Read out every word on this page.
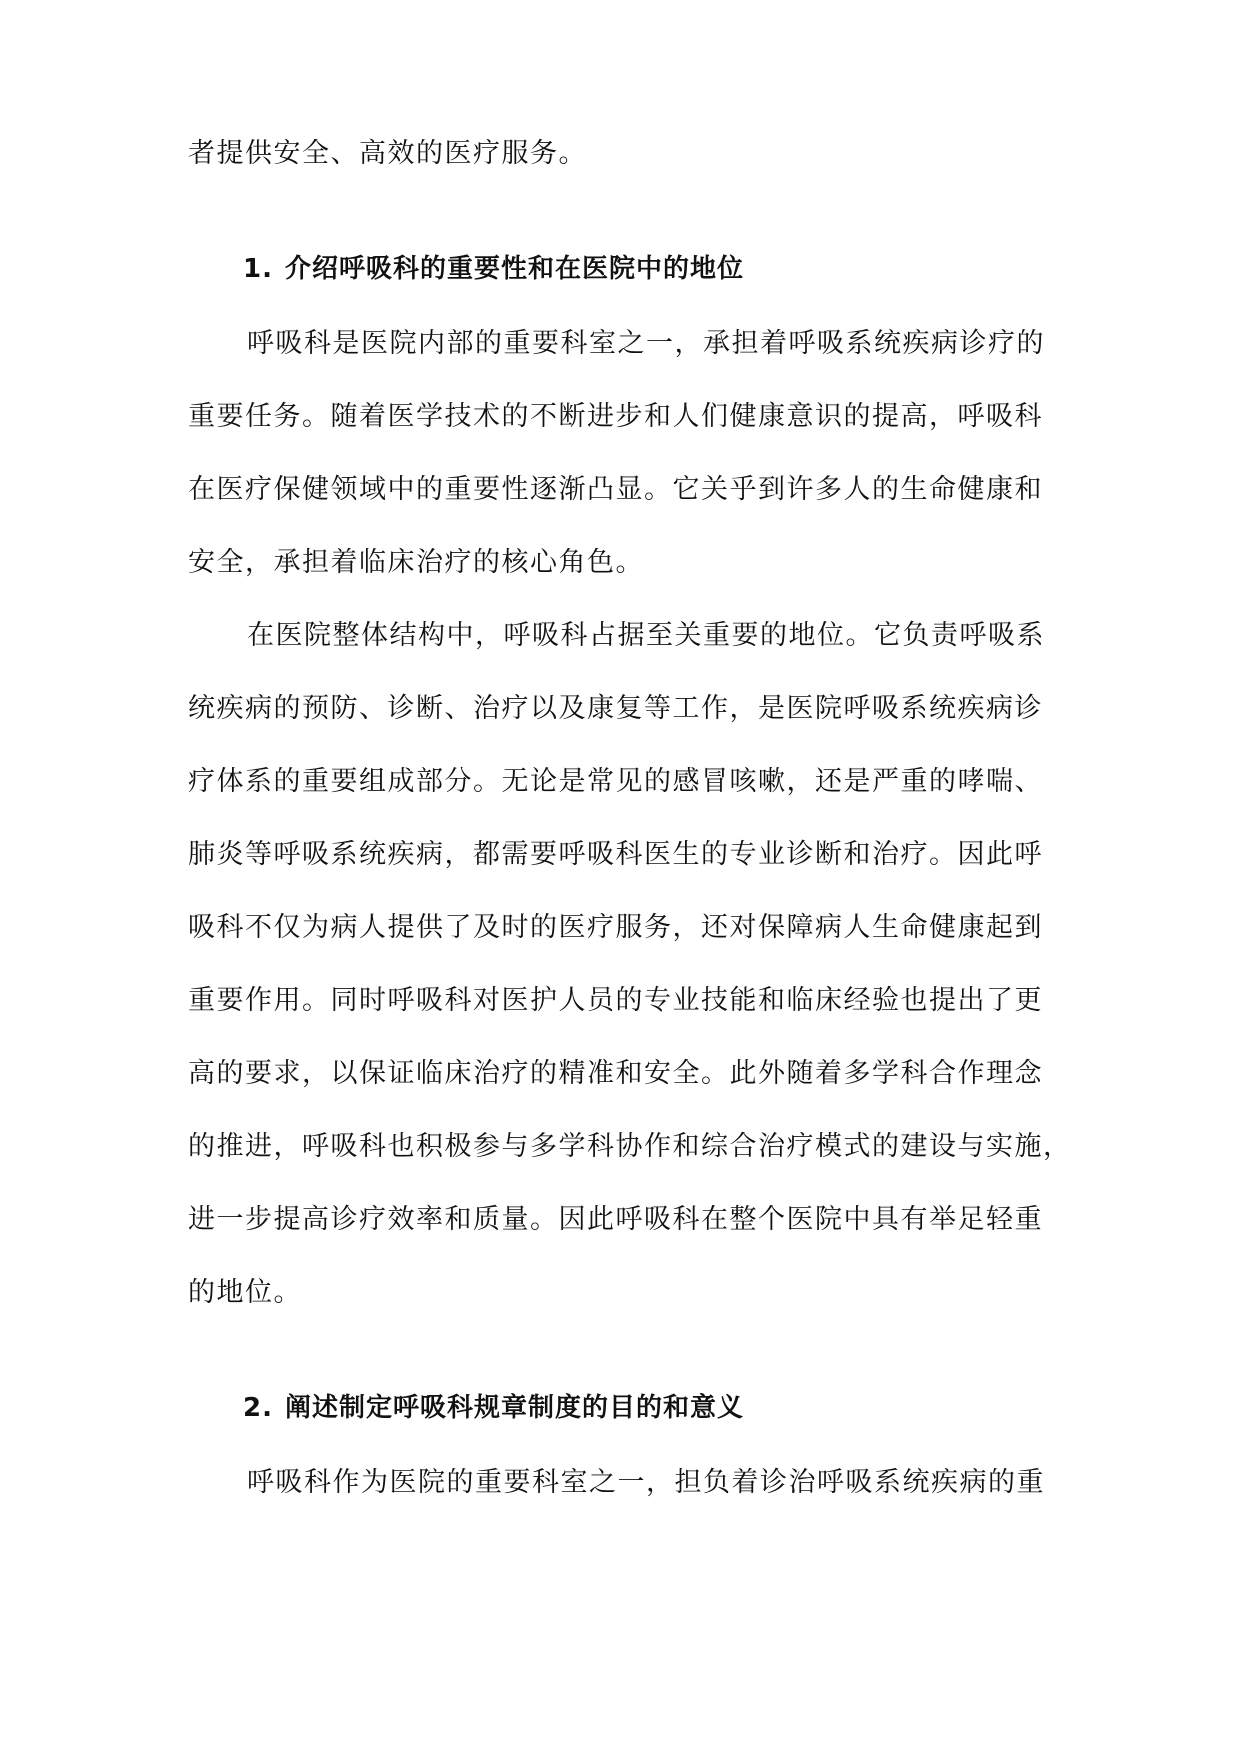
者提供安全、高效的医疗服务。
1. 介绍呼吸科的重要性和在医院中的地位
呼吸科是医院内部的重要科室之一，承担着呼吸系统疾病诊疗的
重要任务。随着医学技术的不断进步和人们健康意识的提高，呼吸科
在医疗保健领域中的重要性逐渐凸显。它关乎到许多人的生命健康和
安全，承担着临床治疗的核心角色。
在医院整体结构中，呼吸科占据至关重要的地位。它负责呼吸系
统疾病的预防、诊断、治疗以及康复等工作，是医院呼吸系统疾病诊
疗体系的重要组成部分。无论是常见的感冒咳嗽，还是严重的哮喘、
肺炎等呼吸系统疾病，都需要呼吸科医生的专业诊断和治疗。因此呼
吸科不仅为病人提供了及时的医疗服务，还对保障病人生命健康起到
重要作用。同时呼吸科对医护人员的专业技能和临床经验也提出了更
高的要求，以保证临床治疗的精准和安全。此外随着多学科合作理念
的推进，呼吸科也积极参与多学科协作和综合治疗模式的建设与实施，
进一步提高诊疗效率和质量。因此呼吸科在整个医院中具有举足轻重
的地位。
2. 阐述制定呼吸科规章制度的目的和意义
呼吸科作为医院的重要科室之一，担负着诊治呼吸系统疾病的重
